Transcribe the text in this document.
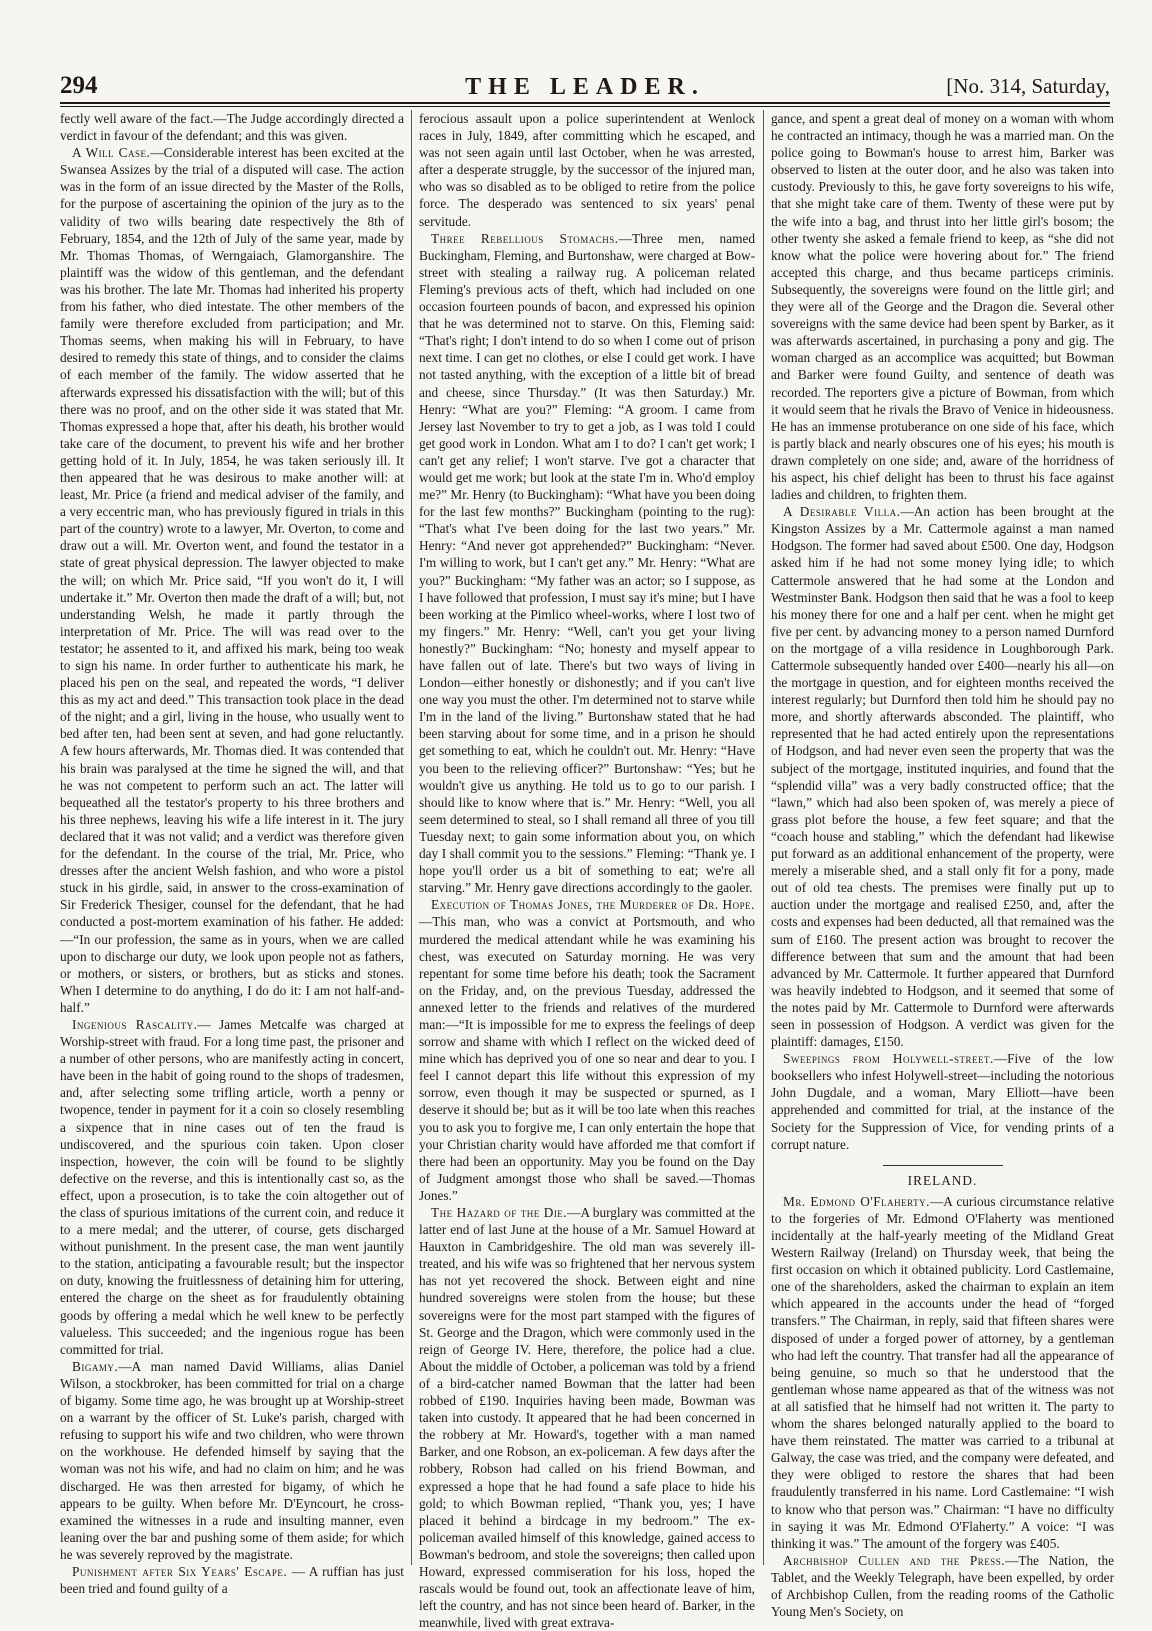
294	THE LEADER.	[No. 314, Saturday,

fectly well aware of the fact.—The Judge accordingly directed a verdict in favour of the defendant; and this was given.

A Will Case.—Considerable interest has been excited at the Swansea Assizes by the trial of a disputed will case. The action was in the form of an issue directed by the Master of the Rolls, for the purpose of ascertaining the opinion of the jury as to the validity of two wills bearing date respectively the 8th of February, 1854, and the 12th of July of the same year, made by Mr. Thomas Thomas, of Werngaiach, Glamorganshire. The plaintiff was the widow of this gentleman, and the defendant was his brother. The late Mr. Thomas had inherited his property from his father, who died intestate. The other members of the family were therefore excluded from participation; and Mr. Thomas seems, when making his will in February, to have desired to remedy this state of things, and to consider the claims of each member of the family. The widow asserted that he afterwards expressed his dissatisfaction with the will; but of this there was no proof, and on the other side it was stated that Mr. Thomas expressed a hope that, after his death, his brother would take care of the document, to prevent his wife and her brother getting hold of it. In July, 1854, he was taken seriously ill. It then appeared that he was desirous to make another will: at least, Mr. Price (a friend and medical adviser of the family, and a very eccentric man, who has previously figured in trials in this part of the country) wrote to a lawyer, Mr. Overton, to come and draw out a will. Mr. Overton went, and found the testator in a state of great physical depression. The lawyer objected to make the will; on which Mr. Price said, “If you won't do it, I will undertake it.” Mr. Overton then made the draft of a will; but, not understanding Welsh, he made it partly through the interpretation of Mr. Price. The will was read over to the testator; he assented to it, and affixed his mark, being too weak to sign his name. In order further to authenticate his mark, he placed his pen on the seal, and repeated the words, “I deliver this as my act and deed.” This transaction took place in the dead of the night; and a girl, living in the house, who usually went to bed after ten, had been sent at seven, and had gone reluctantly. A few hours afterwards, Mr. Thomas died. It was contended that his brain was paralysed at the time he signed the will, and that he was not competent to perform such an act. The latter will bequeathed all the testator's property to his three brothers and his three nephews, leaving his wife a life interest in it. The jury declared that it was not valid; and a verdict was therefore given for the defendant. In the course of the trial, Mr. Price, who dresses after the ancient Welsh fashion, and who wore a pistol stuck in his girdle, said, in answer to the cross-examination of Sir Frederick Thesiger, counsel for the defendant, that he had conducted a post-mortem examination of his father. He added:—“In our profession, the same as in yours, when we are called upon to discharge our duty, we look upon people not as fathers, or mothers, or sisters, or brothers, but as sticks and stones. When I determine to do anything, I do do it: I am not half-and-half.”

Ingenious Rascality.— James Metcalfe was charged at Worship-street with fraud. For a long time past, the prisoner and a number of other persons, who are manifestly acting in concert, have been in the habit of going round to the shops of tradesmen, and, after selecting some trifling article, worth a penny or twopence, tender in payment for it a coin so closely resembling a sixpence that in nine cases out of ten the fraud is undiscovered, and the spurious coin taken. Upon closer inspection, however, the coin will be found to be slightly defective on the reverse, and this is intentionally cast so, as the effect, upon a prosecution, is to take the coin altogether out of the class of spurious imitations of the current coin, and reduce it to a mere medal; and the utterer, of course, gets discharged without punishment. In the present case, the man went jauntily to the station, anticipating a favourable result; but the inspector on duty, knowing the fruitlessness of detaining him for uttering, entered the charge on the sheet as for fraudulently obtaining goods by offering a medal which he well knew to be perfectly valueless. This succeeded; and the ingenious rogue has been committed for trial.

Bigamy.—A man named David Williams, alias Daniel Wilson, a stockbroker, has been committed for trial on a charge of bigamy. Some time ago, he was brought up at Worship-street on a warrant by the officer of St. Luke's parish, charged with refusing to support his wife and two children, who were thrown on the workhouse. He defended himself by saying that the woman was not his wife, and had no claim on him; and he was discharged. He was then arrested for bigamy, of which he appears to be guilty. When before Mr. D'Eyncourt, he cross-examined the witnesses in a rude and insulting manner, even leaning over the bar and pushing some of them aside; for which he was severely reproved by the magistrate.

Punishment after Six Years' Escape. — A ruffian has just been tried and found guilty of a

ferocious assault upon a police superintendent at Wenlock races in July, 1849, after committing which he escaped, and was not seen again until last October, when he was arrested, after a desperate struggle, by the successor of the injured man, who was so disabled as to be obliged to retire from the police force. The desperado was sentenced to six years' penal servitude.

Three Rebellious Stomachs.—Three men, named Buckingham, Fleming, and Burtonshaw, were charged at Bow-street with stealing a railway rug. A policeman related Fleming's previous acts of theft, which had included on one occasion fourteen pounds of bacon, and expressed his opinion that he was determined not to starve. On this, Fleming said: “That's right; I don't intend to do so when I come out of prison next time. I can get no clothes, or else I could get work. I have not tasted anything, with the exception of a little bit of bread and cheese, since Thursday.” (It was then Saturday.) Mr. Henry: “What are you?” Fleming: “A groom. I came from Jersey last November to try to get a job, as I was told I could get good work in London. What am I to do? I can't get work; I can't get any relief; I won't starve. I've got a character that would get me work; but look at the state I'm in. Who'd employ me?” Mr. Henry (to Buckingham): “What have you been doing for the last few months?” Buckingham (pointing to the rug): “That's what I've been doing for the last two years.” Mr. Henry: “And never got apprehended?” Buckingham: “Never. I'm willing to work, but I can't get any.” Mr. Henry: “What are you?” Buckingham: “My father was an actor; so I suppose, as I have followed that profession, I must say it's mine; but I have been working at the Pimlico wheel-works, where I lost two of my fingers.” Mr. Henry: “Well, can't you get your living honestly?” Buckingham: “No; honesty and myself appear to have fallen out of late. There's but two ways of living in London—either honestly or dishonestly; and if you can't live one way you must the other. I'm determined not to starve while I'm in the land of the living.” Burtonshaw stated that he had been starving about for some time, and in a prison he should get something to eat, which he couldn't out. Mr. Henry: “Have you been to the relieving officer?” Burtonshaw: “Yes; but he wouldn't give us anything. He told us to go to our parish. I should like to know where that is.” Mr. Henry: “Well, you all seem determined to steal, so I shall remand all three of you till Tuesday next; to gain some information about you, on which day I shall commit you to the sessions.” Fleming: “Thank ye. I hope you'll order us a bit of something to eat; we're all starving.” Mr. Henry gave directions accordingly to the gaoler.

Execution of Thomas Jones, the Murderer of Dr. Hope.—This man, who was a convict at Portsmouth, and who murdered the medical attendant while he was examining his chest, was executed on Saturday morning. He was very repentant for some time before his death; took the Sacrament on the Friday, and, on the previous Tuesday, addressed the annexed letter to the friends and relatives of the murdered man:—“It is impossible for me to express the feelings of deep sorrow and shame with which I reflect on the wicked deed of mine which has deprived you of one so near and dear to you. I feel I cannot depart this life without this expression of my sorrow, even though it may be suspected or spurned, as I deserve it should be; but as it will be too late when this reaches you to ask you to forgive me, I can only entertain the hope that your Christian charity would have afforded me that comfort if there had been an opportunity. May you be found on the Day of Judgment amongst those who shall be saved.—Thomas Jones.”

The Hazard of the Die.—A burglary was committed at the latter end of last June at the house of a Mr. Samuel Howard at Hauxton in Cambridgeshire. The old man was severely ill-treated, and his wife was so frightened that her nervous system has not yet recovered the shock. Between eight and nine hundred sovereigns were stolen from the house; but these sovereigns were for the most part stamped with the figures of St. George and the Dragon, which were commonly used in the reign of George IV. Here, therefore, the police had a clue. About the middle of October, a policeman was told by a friend of a bird-catcher named Bowman that the latter had been robbed of £190. Inquiries having been made, Bowman was taken into custody. It appeared that he had been concerned in the robbery at Mr. Howard's, together with a man named Barker, and one Robson, an ex-policeman. A few days after the robbery, Robson had called on his friend Bowman, and expressed a hope that he had found a safe place to hide his gold; to which Bowman replied, “Thank you, yes; I have placed it behind a birdcage in my bedroom.” The ex-policeman availed himself of this knowledge, gained access to Bowman's bedroom, and stole the sovereigns; then called upon Howard, expressed commiseration for his loss, hoped the rascals would be found out, took an affectionate leave of him, left the country, and has not since been heard of. Barker, in the meanwhile, lived with great extrava-

gance, and spent a great deal of money on a woman with whom he contracted an intimacy, though he was a married man. On the police going to Bowman's house to arrest him, Barker was observed to listen at the outer door, and he also was taken into custody. Previously to this, he gave forty sovereigns to his wife, that she might take care of them. Twenty of these were put by the wife into a bag, and thrust into her little girl's bosom; the other twenty she asked a female friend to keep, as “she did not know what the police were hovering about for.” The friend accepted this charge, and thus became particeps criminis. Subsequently, the sovereigns were found on the little girl; and they were all of the George and the Dragon die. Several other sovereigns with the same device had been spent by Barker, as it was afterwards ascertained, in purchasing a pony and gig. The woman charged as an accomplice was acquitted; but Bowman and Barker were found Guilty, and sentence of death was recorded. The reporters give a picture of Bowman, from which it would seem that he rivals the Bravo of Venice in hideousness. He has an immense protuberance on one side of his face, which is partly black and nearly obscures one of his eyes; his mouth is drawn completely on one side; and, aware of the horridness of his aspect, his chief delight has been to thrust his face against ladies and children, to frighten them.

A Desirable Villa.—An action has been brought at the Kingston Assizes by a Mr. Cattermole against a man named Hodgson. The former had saved about £500. One day, Hodgson asked him if he had not some money lying idle; to which Cattermole answered that he had some at the London and Westminster Bank. Hodgson then said that he was a fool to keep his money there for one and a half per cent. when he might get five per cent. by advancing money to a person named Durnford on the mortgage of a villa residence in Loughborough Park. Cattermole subsequently handed over £400—nearly his all—on the mortgage in question, and for eighteen months received the interest regularly; but Durnford then told him he should pay no more, and shortly afterwards absconded. The plaintiff, who represented that he had acted entirely upon the representations of Hodgson, and had never even seen the property that was the subject of the mortgage, instituted inquiries, and found that the “splendid villa” was a very badly constructed office; that the “lawn,” which had also been spoken of, was merely a piece of grass plot before the house, a few feet square; and that the “coach house and stabling,” which the defendant had likewise put forward as an additional enhancement of the property, were merely a miserable shed, and a stall only fit for a pony, made out of old tea chests. The premises were finally put up to auction under the mortgage and realised £250, and, after the costs and expenses had been deducted, all that remained was the sum of £160. The present action was brought to recover the difference between that sum and the amount that had been advanced by Mr. Cattermole. It further appeared that Durnford was heavily indebted to Hodgson, and it seemed that some of the notes paid by Mr. Cattermole to Durnford were afterwards seen in possession of Hodgson. A verdict was given for the plaintiff: damages, £150.

Sweepings from Holywell-street.—Five of the low booksellers who infest Holywell-street—including the notorious John Dugdale, and a woman, Mary Elliott—have been apprehended and committed for trial, at the instance of the Society for the Suppression of Vice, for vending prints of a corrupt nature.

IRELAND.

Mr. Edmond O'Flaherty.—A curious circumstance relative to the forgeries of Mr. Edmond O'Flaherty was mentioned incidentally at the half-yearly meeting of the Midland Great Western Railway (Ireland) on Thursday week, that being the first occasion on which it obtained publicity. Lord Castlemaine, one of the shareholders, asked the chairman to explain an item which appeared in the accounts under the head of “forged transfers.” The Chairman, in reply, said that fifteen shares were disposed of under a forged power of attorney, by a gentleman who had left the country. That transfer had all the appearance of being genuine, so much so that he understood that the gentleman whose name appeared as that of the witness was not at all satisfied that he himself had not written it. The party to whom the shares belonged naturally applied to the board to have them reinstated. The matter was carried to a tribunal at Galway, the case was tried, and the company were defeated, and they were obliged to restore the shares that had been fraudulently transferred in his name. Lord Castlemaine: “I wish to know who that person was.” Chairman: “I have no difficulty in saying it was Mr. Edmond O'Flaherty.” A voice: “I was thinking it was.” The amount of the forgery was £405.

Archbishop Cullen and the Press.—The Nation, the Tablet, and the Weekly Telegraph, have been expelled, by order of Archbishop Cullen, from the reading rooms of the Catholic Young Men's Society, on
